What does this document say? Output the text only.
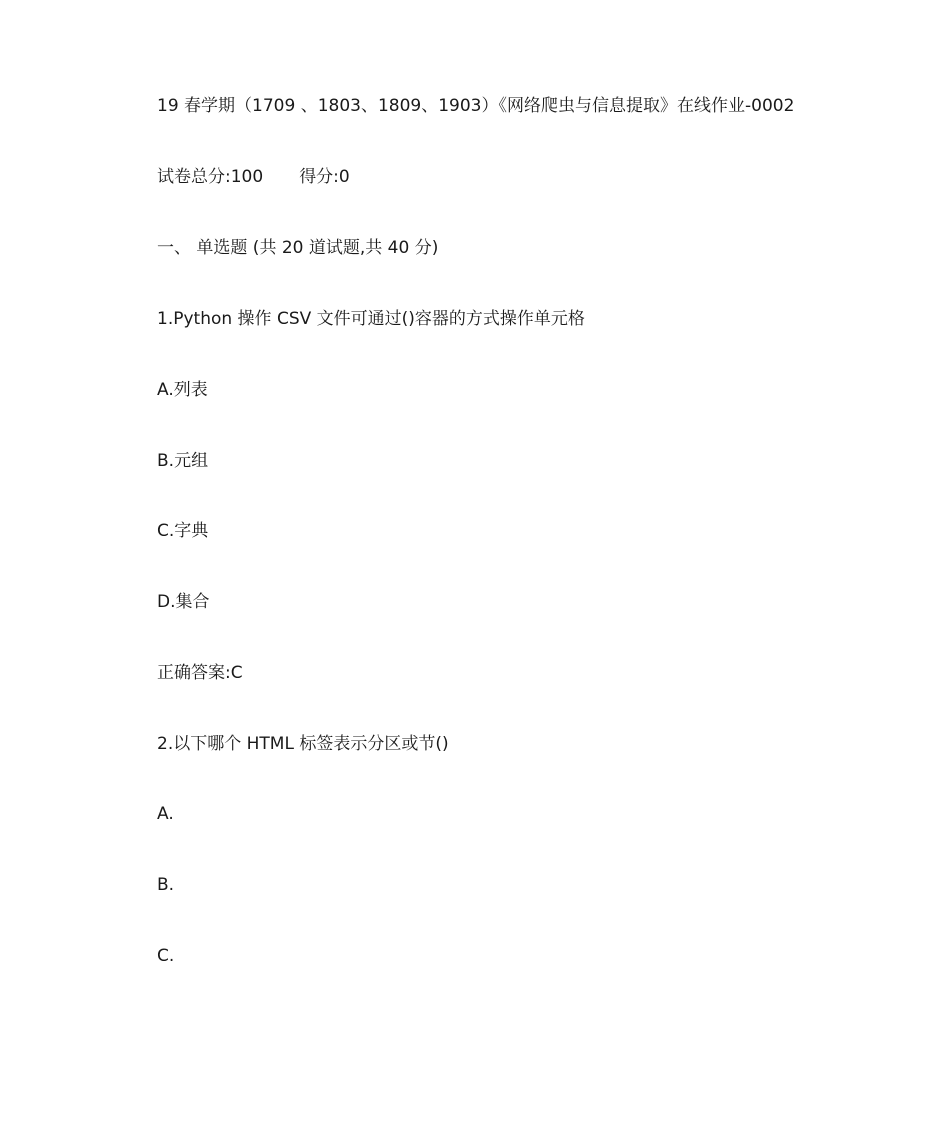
19 春学期（1709 、1803、1809、1903）《网络爬虫与信息提取》在线作业-0002
试卷总分:100 得分:0
一、 单选题 (共 20 道试题,共 40 分)
1.Python 操作 CSV 文件可通过()容器的方式操作单元格
A.列表
B.元组
C.字典
D.集合
正确答案:C
2.以下哪个 HTML 标签表示分区或节()
A.
B.
C.
